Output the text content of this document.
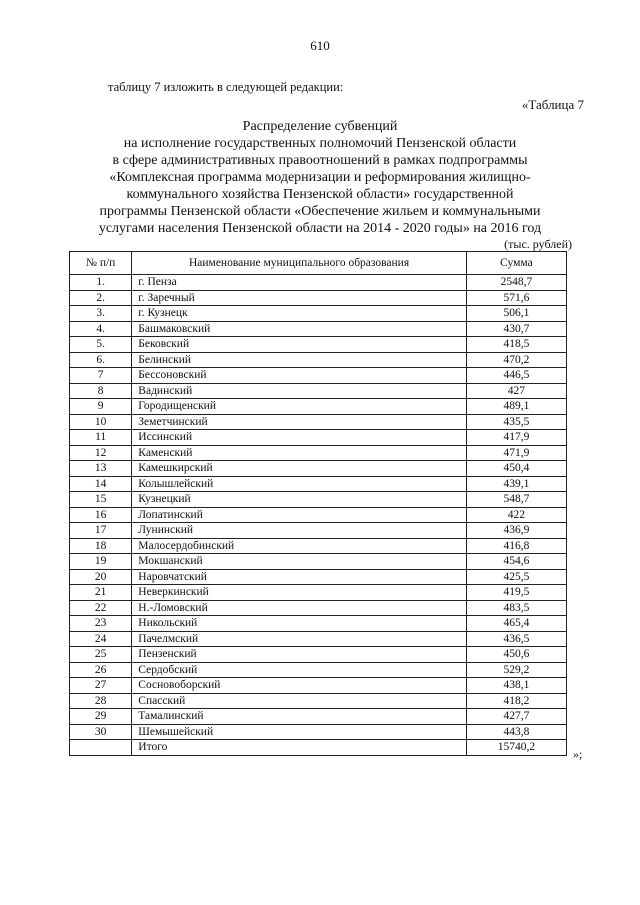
610
таблицу 7 изложить в следующей редакции:
«Таблица 7
Распределение субвенций
на исполнение государственных полномочий Пензенской области
в сфере административных правоотношений в рамках подпрограммы
«Комплексная программа модернизации и реформирования жилищно-
коммунального хозяйства Пензенской области» государственной
программы Пензенской области «Обеспечение жильем и коммунальными
услугами населения Пензенской области на 2014 - 2020 годы» на 2016 год
(тыс. рублей)
№ п/п	Наименование муниципального образования	Сумма
1.	г. Пенза	2548,7
2.	г. Заречный	571,6
3.	г. Кузнецк	506,1
4.	Башмаковский	430,7
5.	Бековский	418,5
6.	Белинский	470,2
7	Бессоновский	446,5
8	Вадинский	427
9	Городищенский	489,1
10	Земетчинский	435,5
11	Иссинский	417,9
12	Каменский	471,9
13	Камешкирский	450,4
14	Колышлейский	439,1
15	Кузнецкий	548,7
16	Лопатинский	422
17	Лунинский	436,9
18	Малосердобинский	416,8
19	Мокшанский	454,6
20	Наровчатский	425,5
21	Неверкинский	419,5
22	Н.-Ломовский	483,5
23	Никольский	465,4
24	Пачелмский	436,5
25	Пензенский	450,6
26	Сердобский	529,2
27	Сосновоборский	438,1
28	Спасский	418,2
29	Тамалинский	427,7
30	Шемышейский	443,8
	Итого	15740,2	»;
